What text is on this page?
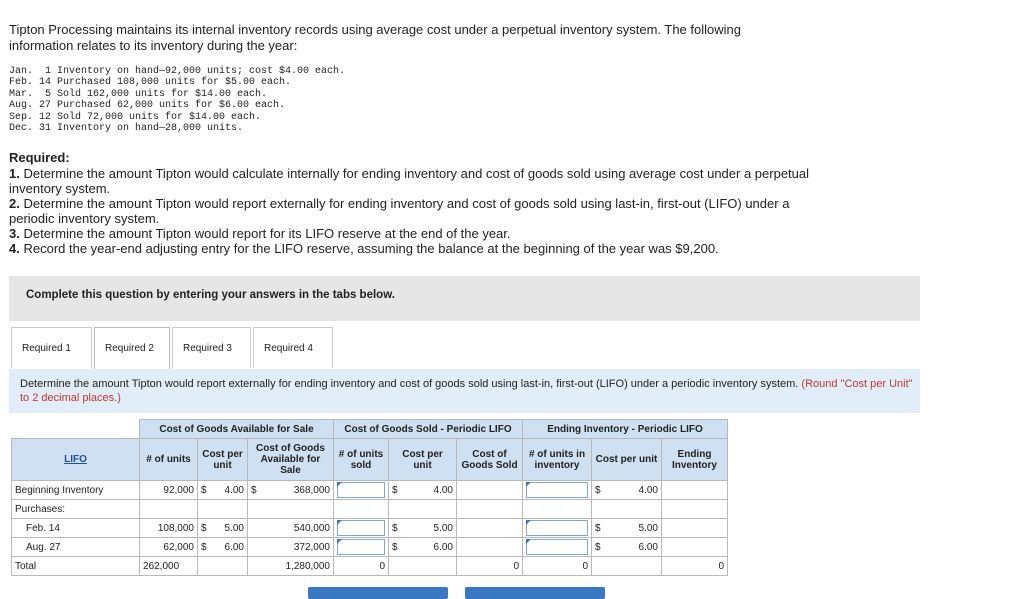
Tipton Processing maintains its internal inventory records using average cost under a perpetual inventory system. The following information relates to its inventory during the year:
Jan.  1 Inventory on hand—92,000 units; cost $4.00 each.
Feb. 14 Purchased 108,000 units for $5.00 each.
Mar.  5 Sold 162,000 units for $14.00 each.
Aug. 27 Purchased 62,000 units for $6.00 each.
Sep. 12 Sold 72,000 units for $14.00 each.
Dec. 31 Inventory on hand—28,000 units.
Required:
1. Determine the amount Tipton would calculate internally for ending inventory and cost of goods sold using average cost under a perpetual inventory system.
2. Determine the amount Tipton would report externally for ending inventory and cost of goods sold using last-in, first-out (LIFO) under a periodic inventory system.
3. Determine the amount Tipton would report for its LIFO reserve at the end of the year.
4. Record the year-end adjusting entry for the LIFO reserve, assuming the balance at the beginning of the year was $9,200.
Complete this question by entering your answers in the tabs below.
Required 1	Required 2	Required 3	Required 4
Determine the amount Tipton would report externally for ending inventory and cost of goods sold using last-in, first-out (LIFO) under a periodic inventory system. (Round "Cost per Unit" to 2 decimal places.)
	Cost of Goods Available for Sale			Cost of Goods Sold - Periodic LIFO			Ending Inventory - Periodic LIFO		
LIFO	# of units	Cost per unit	Cost of Goods Available for Sale	# of units sold	Cost per unit	Cost of Goods Sold	# of units in inventory	Cost per unit	Ending Inventory
Beginning Inventory	92,000	$ 4.00	$ 368,000		$ 4.00			$ 4.00	
Purchases:									
Feb. 14	108,000	$ 5.00	540,000		$ 5.00			$ 5.00	
Aug. 27	62,000	$ 6.00	372,000		$ 6.00			$ 6.00	
Total	262,000		1,280,000	0		0	0		0
